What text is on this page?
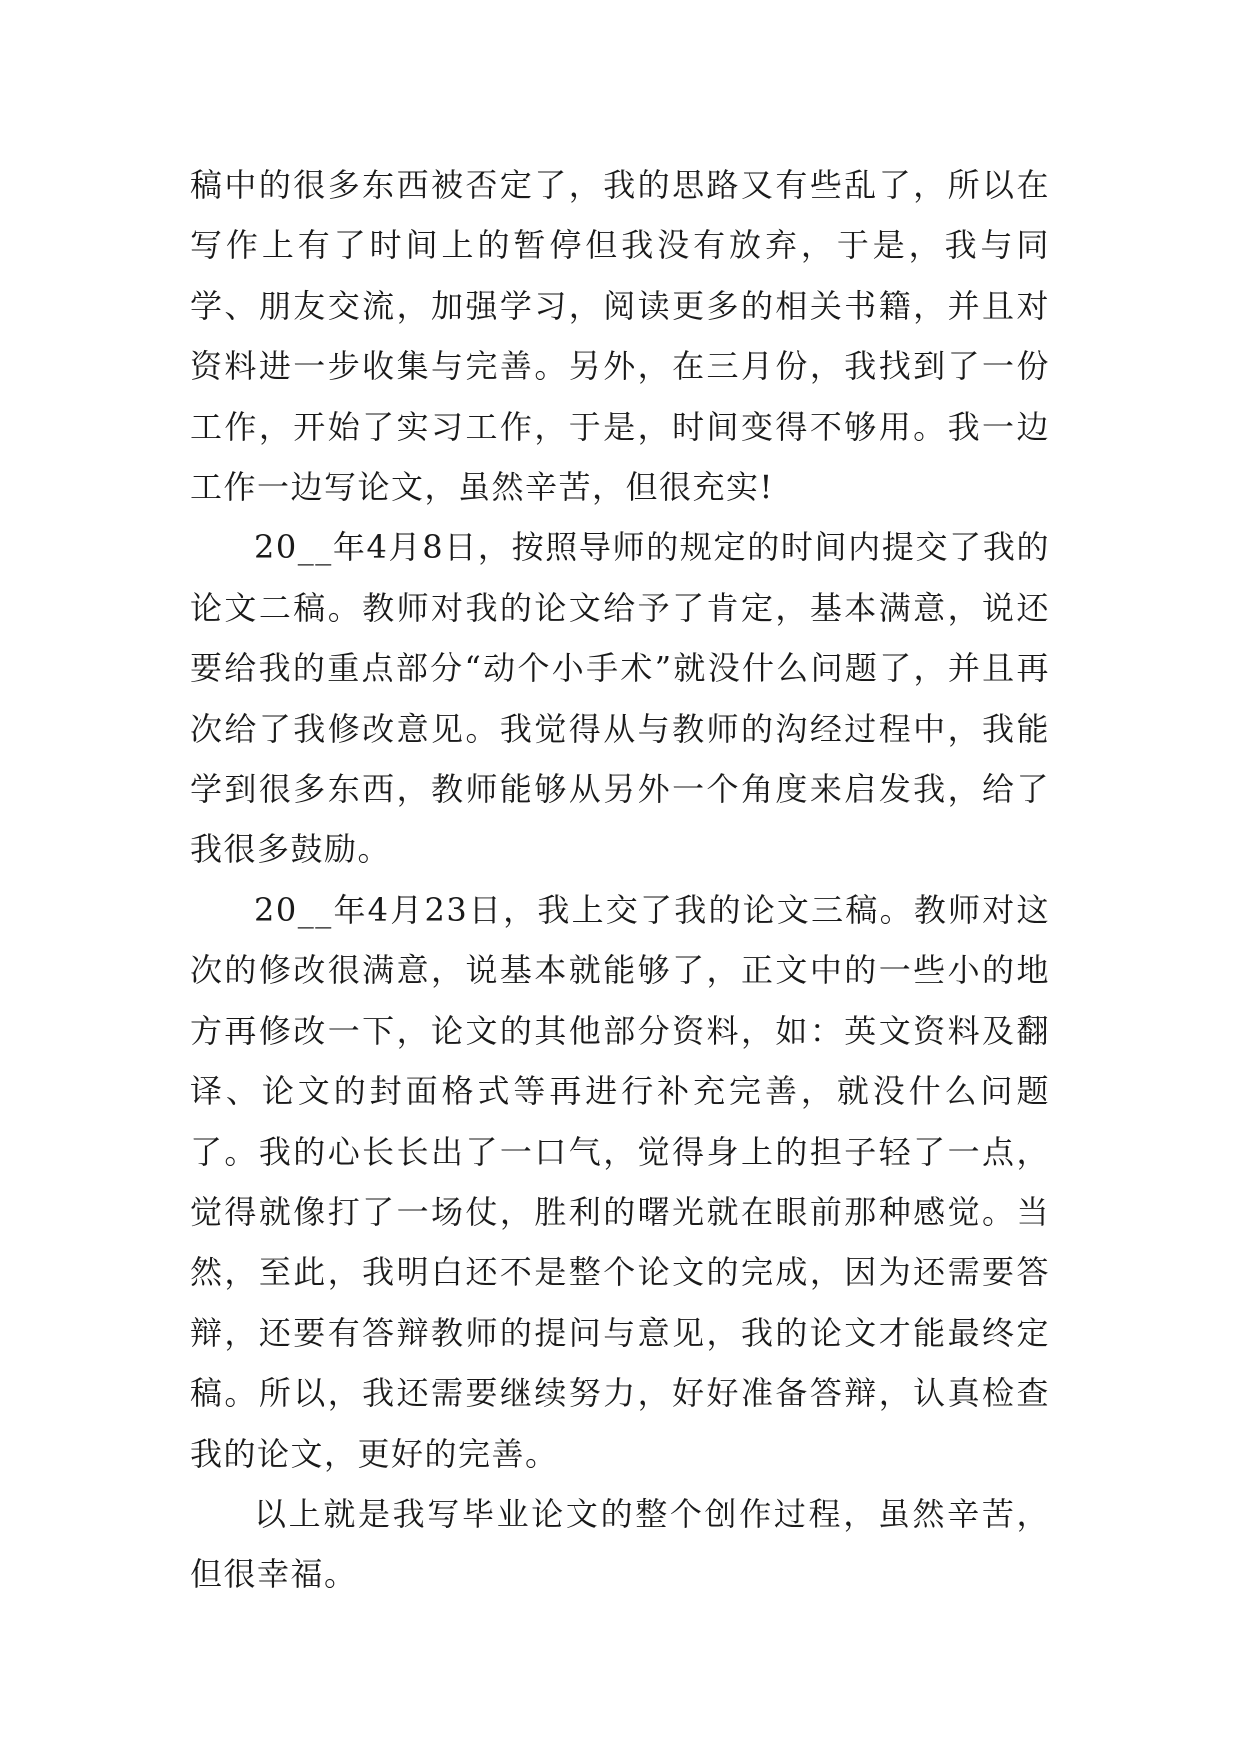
稿中的很多东西被否定了，我的思路又有些乱了，所以在写作上有了时间上的暂停但我没有放弃，于是，我与同学、朋友交流，加强学习，阅读更多的相关书籍，并且对资料进一步收集与完善。另外，在三月份，我找到了一份工作，开始了实习工作，于是，时间变得不够用。我一边工作一边写论文，虽然辛苦，但很充实!

20__年4月8日，按照导师的规定的时间内提交了我的论文二稿。教师对我的论文给予了肯定，基本满意，说还要给我的重点部分“动个小手术”就没什么问题了，并且再次给了我修改意见。我觉得从与教师的沟经过程中，我能学到很多东西，教师能够从另外一个角度来启发我，给了我很多鼓励。

20__年4月23日，我上交了我的论文三稿。教师对这次的修改很满意，说基本就能够了，正文中的一些小的地方再修改一下，论文的其他部分资料，如：英文资料及翻译、论文的封面格式等再进行补充完善，就没什么问题了。我的心长长出了一口气，觉得身上的担子轻了一点，觉得就像打了一场仗，胜利的曙光就在眼前那种感觉。当然，至此，我明白还不是整个论文的完成，因为还需要答辩，还要有答辩教师的提问与意见，我的论文才能最终定稿。所以，我还需要继续努力，好好准备答辩，认真检查我的论文，更好的完善。

以上就是我写毕业论文的整个创作过程，虽然辛苦，但很幸福。
